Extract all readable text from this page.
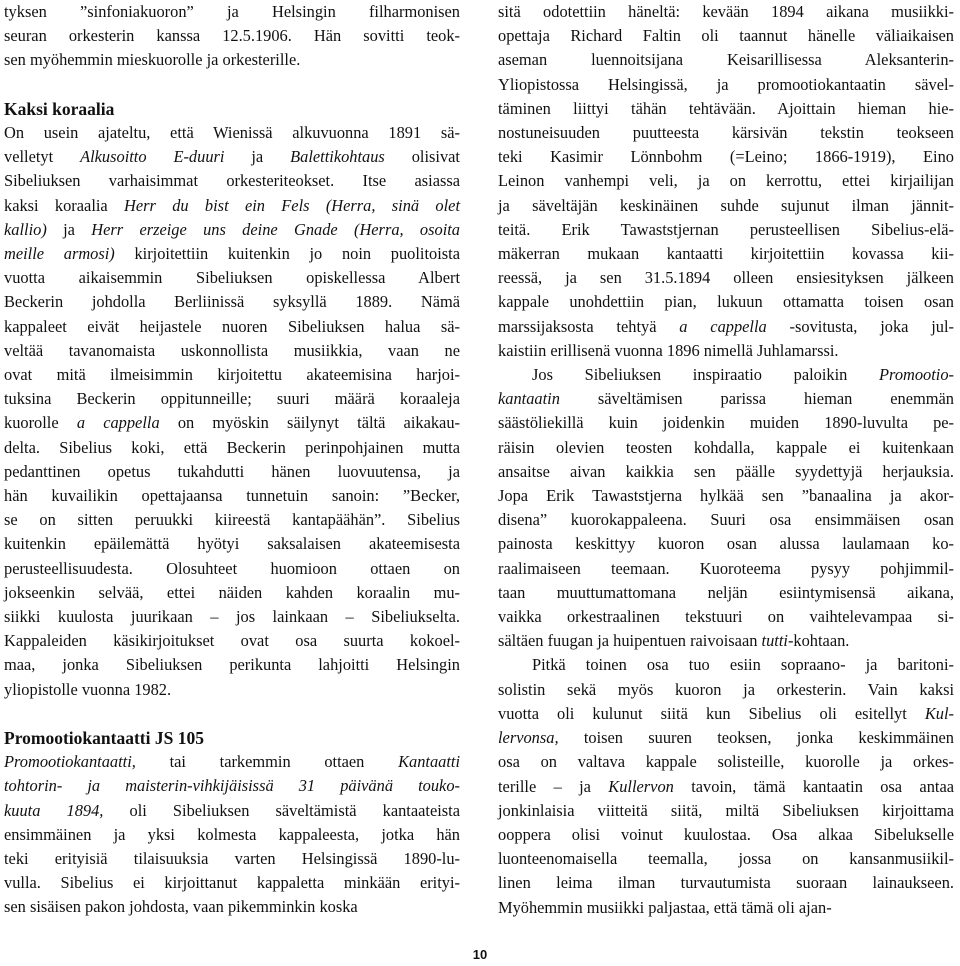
tyksen ”sinfoniakuoron” ja Helsingin filharmonisen
seuran orkesterin kanssa 12.5.1906. Hän sovitti teok-
sen myöhemmin mieskuorolle ja orkesterille.
Kaksi koraalia
On usein ajateltu, että Wienissä alkuvuonna 1891 sä-
velletyt Alkusoitto E-duuri ja Balettikohtaus olisivat
Sibeliuksen varhaisimmat orkesteriteokset. Itse asiassa
kaksi koraalia Herr du bist ein Fels (Herra, sinä olet
kallio) ja Herr erzeige uns deine Gnade (Herra, osoita
meille armosi) kirjoitettiin kuitenkin jo noin puolitoista
vuotta aikaisemmin Sibeliuksen opiskellessa Albert
Beckerin johdolla Berliinissä syksyllä 1889. Nämä
kappaleet eivät heijastele nuoren Sibeliuksen halua sä-
veltää tavanomaista uskonnollista musiikkia, vaan ne
ovat mitä ilmeisimmin kirjoitettu akateemisina harjoi-
tuksina Beckerin oppitunneille; suuri määrä koraaleja
kuorolle a cappella on myöskin säilynyt tältä aikakau-
delta. Sibelius koki, että Beckerin perinpohjainen mutta
pedanttinen opetus tukahdutti hänen luovuutensa, ja
hän kuvailikin opettajaansa tunnetuin sanoin: ”Becker,
se on sitten peruukki kiireestä kantapäähän”. Sibelius
kuitenkin epäilemättä hyötyi saksalaisen akateemisesta
perusteellisuudesta. Olosuhteet huomioon ottaen on
jokseenkin selvää, ettei näiden kahden koraalin mu-
siikki kuulosta juurikaan – jos lainkaan – Sibeliukselta.
Kappaleiden käsikirjoitukset ovat osa suurta kokoel-
maa, jonka Sibeliuksen perikunta lahjoitti Helsingin
yliopistolle vuonna 1982.
Promootiokantaatti JS 105
Promootiokantaatti, tai tarkemmin ottaen Kantaatti
tohtorin- ja maisterin-vihkijäisissä 31 päivänä touko-
kuuta 1894, oli Sibeliuksen säveltämistä kantaateista
ensimmäinen ja yksi kolmesta kappaleesta, jotka hän
teki erityisiä tilaisuuksia varten Helsingissä 1890-lu-
vulla. Sibelius ei kirjoittanut kappaletta minkään erityi-
sen sisäisen pakon johdosta, vaan pikemminkin koska
sitä odotettiin häneltä: kevään 1894 aikana musiikki-
opettaja Richard Faltin oli taannut hänelle väliaikaisen
aseman luennoitsijana Keisarillisessa Aleksanterin-
Yliopistossa Helsingissä, ja promootiokantaatin sävel-
täminen liittyi tähän tehtävään. Ajoittain hieman hie-
nostuneisuuden puutteesta kärsivän tekstin teokseen
teki Kasimir Lönnbohm (=Leino; 1866-1919), Eino
Leinon vanhempi veli, ja on kerrottu, ettei kirjailijan
ja säveltäjän keskinäinen suhde sujunut ilman jännit-
teitä. Erik Tawaststjernan perusteellisen Sibelius-elä-
mäkerran mukaan kantaatti kirjoitettiin kovassa kii-
reessä, ja sen 31.5.1894 olleen ensiesityksen jälkeen
kappale unohdettiin pian, lukuun ottamatta toisen osan
marssijaksosta tehtyä a cappella -sovitusta, joka jul-
kaistiin erillisenä vuonna 1896 nimellä Juhlamarssi.
Jos Sibeliuksen inspiraatio paloikin Promootio-
kantaatin säveltämisen parissa hieman enemmän
säästöliekillä kuin joidenkin muiden 1890-luvulta pe-
räisin olevien teosten kohdalla, kappale ei kuitenkaan
ansaitse aivan kaikkia sen päälle syydettyjä herjauksia.
Jopa Erik Tawaststjerna hylkää sen ”banaalina ja akor-
disena” kuorokappaleena. Suuri osa ensimmäisen osan
painosta keskittyy kuoron osan alussa laulamaan ko-
raalimaiseen teemaan. Kuoroteema pysyy pohjimmil-
taan muuttumattomana neljän esiintymisensä aikana,
vaikka orkestraalinen tekstuuri on vaihtelevampaa si-
sältäen fuugan ja huipentuen raivoisaan tutti-kohtaan.
Pitkä toinen osa tuo esiin sopraano- ja baritoni-
solistin sekä myös kuoron ja orkesterin. Vain kaksi
vuotta oli kulunut siitä kun Sibelius oli esitellyt Kul-
lervonsa, toisen suuren teoksen, jonka keskimmäinen
osa on valtava kappale solisteille, kuorolle ja orkes-
terille – ja Kullervon tavoin, tämä kantaatin osa antaa
jonkinlaisia viitteitä siitä, miltä Sibeliuksen kirjoittama
ooppera olisi voinut kuulostaa. Osa alkaa Sibelukselle
luonteenomaisella teemalla, jossa on kansanmusiikil-
linen leima ilman turvautumista suoraan lainaukseen.
Myöhemmin musiikki paljastaa, että tämä oli ajan-
10
